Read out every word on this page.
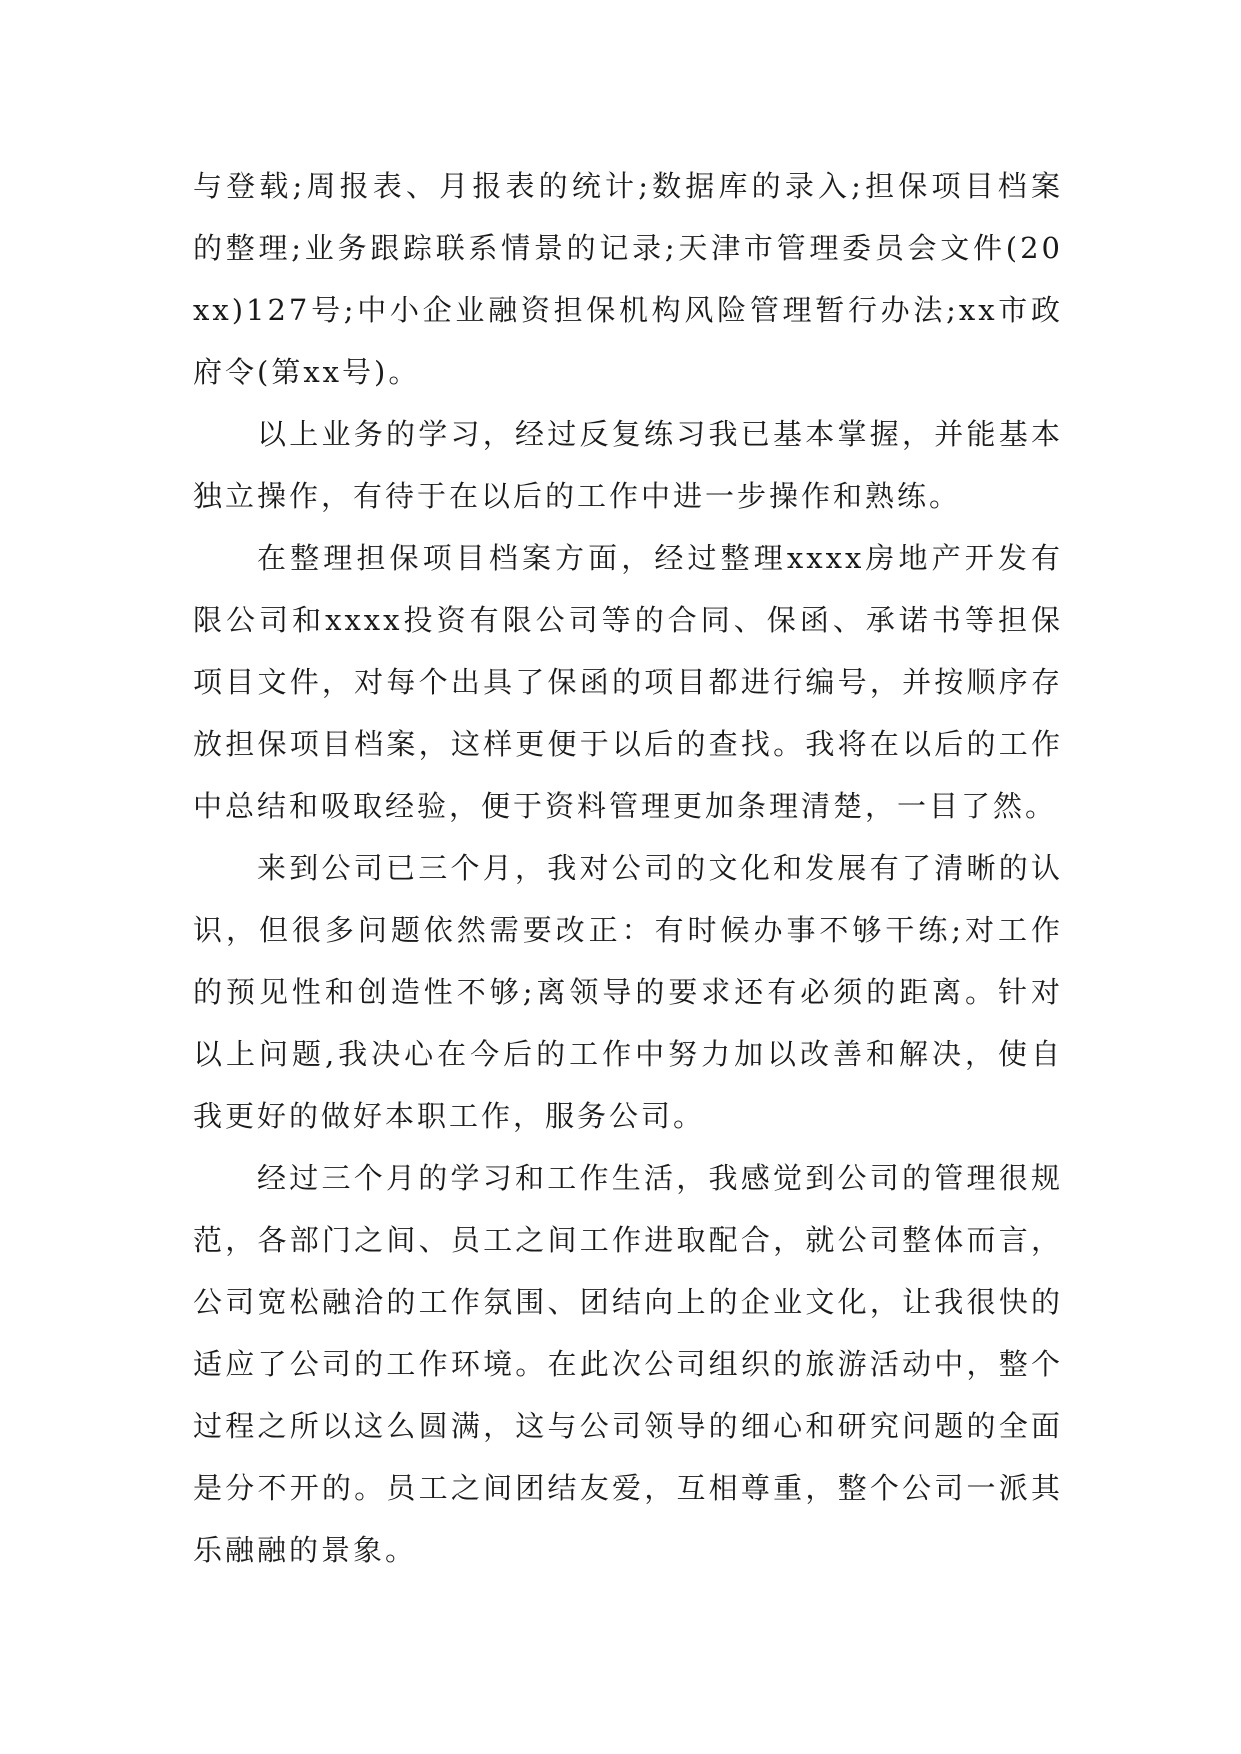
与登载;周报表、月报表的统计;数据库的录入;担保项目档案的整理;业务跟踪联系情景的记录;天津市管理委员会文件(20xx)127号;中小企业融资担保机构风险管理暂行办法;xx市政府令(第xx号)。

以上业务的学习，经过反复练习我已基本掌握，并能基本独立操作，有待于在以后的工作中进一步操作和熟练。

在整理担保项目档案方面，经过整理xxxx房地产开发有限公司和xxxx投资有限公司等的合同、保函、承诺书等担保项目文件，对每个出具了保函的项目都进行编号，并按顺序存放担保项目档案，这样更便于以后的查找。我将在以后的工作中总结和吸取经验，便于资料管理更加条理清楚，一目了然。

来到公司已三个月，我对公司的文化和发展有了清晰的认识，但很多问题依然需要改正：有时候办事不够干练;对工作的预见性和创造性不够;离领导的要求还有必须的距离。针对以上问题,我决心在今后的工作中努力加以改善和解决，使自我更好的做好本职工作，服务公司。

经过三个月的学习和工作生活，我感觉到公司的管理很规范，各部门之间、员工之间工作进取配合，就公司整体而言，公司宽松融洽的工作氛围、团结向上的企业文化，让我很快的适应了公司的工作环境。在此次公司组织的旅游活动中，整个过程之所以这么圆满，这与公司领导的细心和研究问题的全面是分不开的。员工之间团结友爱，互相尊重，整个公司一派其乐融融的景象。
